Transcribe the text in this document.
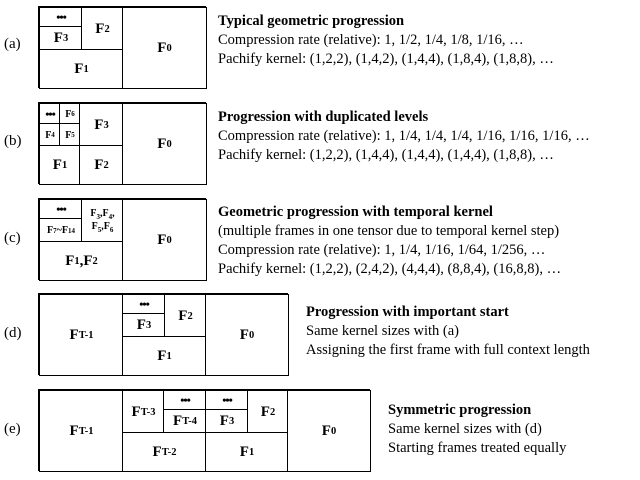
(a)
•••
F 3
F 2
F 1
F 0
Typical geometric progression
Compression rate (relative): 1, 1/2, 1/4, 1/8, 1/16, …
Pachify kernel: (1,2,2), (1,4,2), (1,4,4), (1,8,4), (1,8,8), …
(b)
•••	F 6
F 4	F 5
F 3
F 1	F 2
F 0
Progression with duplicated levels
Compression rate (relative): 1, 1/4, 1/4, 1/4, 1/16, 1/16, 1/16, …
Pachify kernel: (1,2,2), (1,4,4), (1,4,4), (1,4,4), (1,8,8), …
(c)
•••
F 7 ~F 14
$F_3,F_4$,
$F_5,F_6$
F 1 ,F 2
F 0
Geometric progression with temporal kernel
(multiple frames in one tensor due to temporal kernel step)
Compression rate (relative): 1, 1/4, 1/16, 1/64, 1/256, …
Pachify kernel: (1,2,2), (2,4,2), (4,4,4), (8,8,4), (16,8,8), …
(d)	F T-1
•••
F 3
F 2
F 1
F 0
Progression with important start
Same kernel sizes with (a)
Assigning the first frame with full context length
(e)	F T-1
F T-3
•••
F T-4
F T-2
•••
F 3
F 2
F 1
F 0
Symmetric progression
Same kernel sizes with (d)
Starting frames treated equally
